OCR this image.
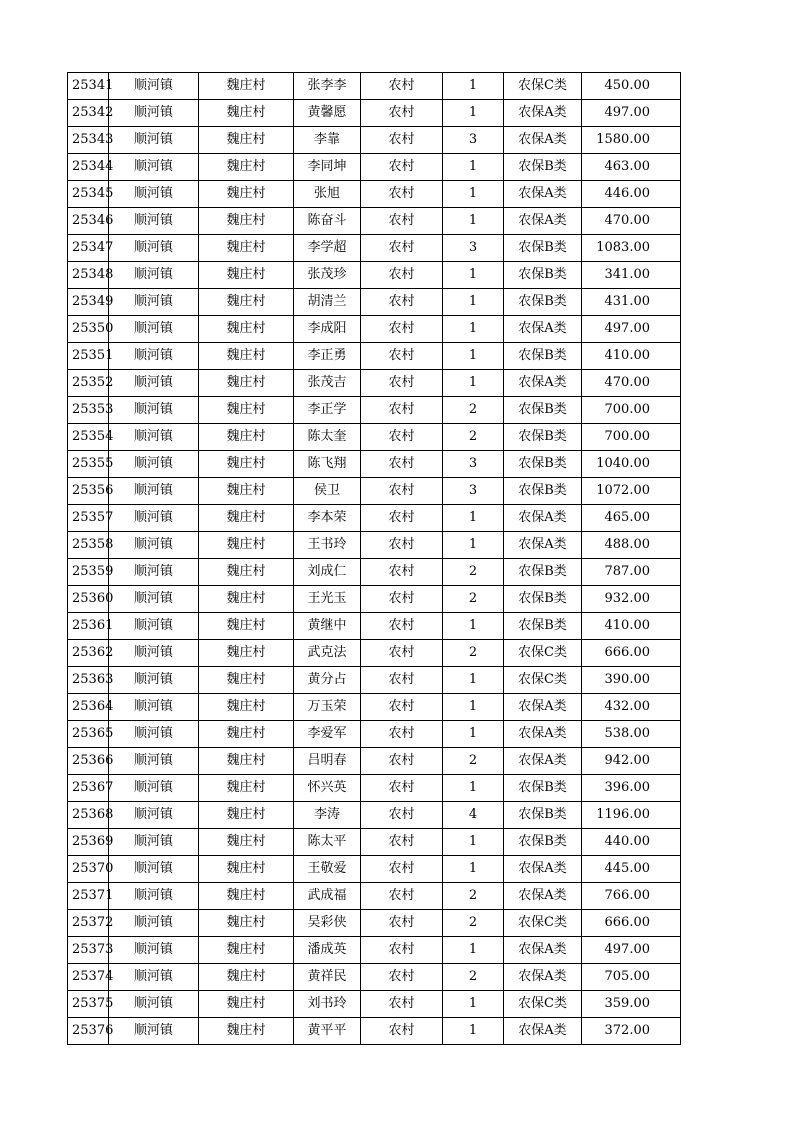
25341	顺河镇	魏庄村	张李李	农村	1	农保C类	450.00
25342	顺河镇	魏庄村	黄馨愿	农村	1	农保A类	497.00
25343	顺河镇	魏庄村	李靠	农村	3	农保A类	1580.00
25344	顺河镇	魏庄村	李同坤	农村	1	农保B类	463.00
25345	顺河镇	魏庄村	张旭	农村	1	农保A类	446.00
25346	顺河镇	魏庄村	陈奋斗	农村	1	农保A类	470.00
25347	顺河镇	魏庄村	李学超	农村	3	农保B类	1083.00
25348	顺河镇	魏庄村	张茂珍	农村	1	农保B类	341.00
25349	顺河镇	魏庄村	胡清兰	农村	1	农保B类	431.00
25350	顺河镇	魏庄村	李成阳	农村	1	农保A类	497.00
25351	顺河镇	魏庄村	李正勇	农村	1	农保B类	410.00
25352	顺河镇	魏庄村	张茂吉	农村	1	农保A类	470.00
25353	顺河镇	魏庄村	李正学	农村	2	农保B类	700.00
25354	顺河镇	魏庄村	陈太奎	农村	2	农保B类	700.00
25355	顺河镇	魏庄村	陈飞翔	农村	3	农保B类	1040.00
25356	顺河镇	魏庄村	侯卫	农村	3	农保B类	1072.00
25357	顺河镇	魏庄村	李本荣	农村	1	农保A类	465.00
25358	顺河镇	魏庄村	王书玲	农村	1	农保A类	488.00
25359	顺河镇	魏庄村	刘成仁	农村	2	农保B类	787.00
25360	顺河镇	魏庄村	王光玉	农村	2	农保B类	932.00
25361	顺河镇	魏庄村	黄继中	农村	1	农保B类	410.00
25362	顺河镇	魏庄村	武克法	农村	2	农保C类	666.00
25363	顺河镇	魏庄村	黄分占	农村	1	农保C类	390.00
25364	顺河镇	魏庄村	万玉荣	农村	1	农保A类	432.00
25365	顺河镇	魏庄村	李爱军	农村	1	农保A类	538.00
25366	顺河镇	魏庄村	吕明春	农村	2	农保A类	942.00
25367	顺河镇	魏庄村	怀兴英	农村	1	农保B类	396.00
25368	顺河镇	魏庄村	李涛	农村	4	农保B类	1196.00
25369	顺河镇	魏庄村	陈太平	农村	1	农保B类	440.00
25370	顺河镇	魏庄村	王敬爱	农村	1	农保A类	445.00
25371	顺河镇	魏庄村	武成福	农村	2	农保A类	766.00
25372	顺河镇	魏庄村	吴彩侠	农村	2	农保C类	666.00
25373	顺河镇	魏庄村	潘成英	农村	1	农保A类	497.00
25374	顺河镇	魏庄村	黄祥民	农村	2	农保A类	705.00
25375	顺河镇	魏庄村	刘书玲	农村	1	农保C类	359.00
25376	顺河镇	魏庄村	黄平平	农村	1	农保A类	372.00
